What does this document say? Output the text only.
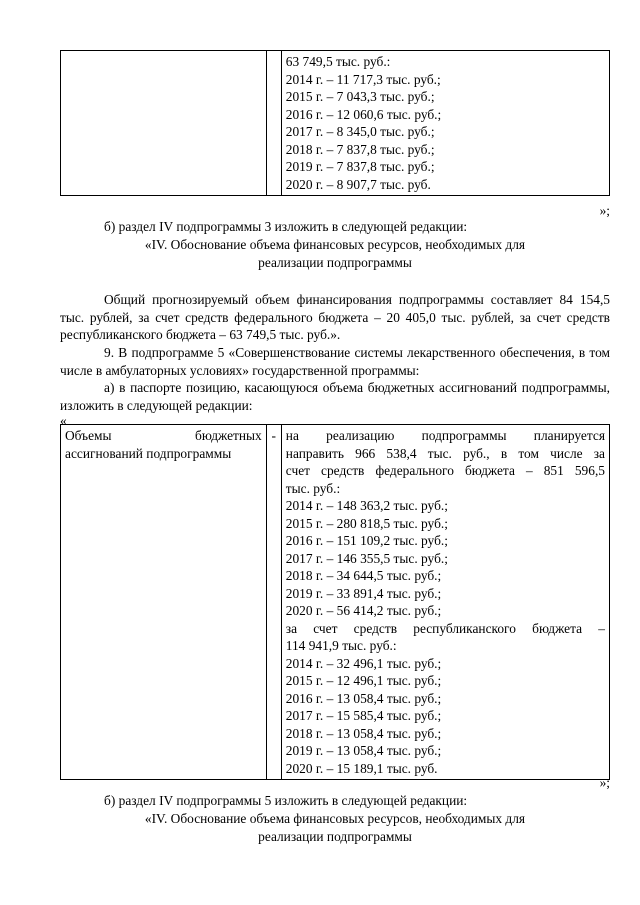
63 749,5 тыс. руб.:
2014 г. – 11 717,3 тыс. руб.;
2015 г. – 7 043,3 тыс. руб.;
2016 г. – 12 060,6 тыс. руб.;
2017 г. – 8 345,0 тыс. руб.;
2018 г. – 7 837,8 тыс. руб.;
2019 г. – 7 837,8 тыс. руб.;
2020 г. – 8 907,7 тыс. руб.

»;

б) раздел IV подпрограммы 3 изложить в следующей редакции:

«IV. Обоснование объема финансовых ресурсов, необходимых для

реализации подпрограммы

Общий прогнозируемый объем финансирования подпрограммы составляет 84 154,5 тыс. рублей, за счет средств федерального бюджета – 20 405,0 тыс. рублей, за счет средств республиканского бюджета – 63 749,5 тыс. руб.».

9. В подпрограмме 5 «Совершенствование системы лекарственного обеспечения, в том числе в амбулаторных условиях» государственной программы:

а) в паспорте позицию, касающуюся объема бюджетных ассигнований подпрограммы, изложить в следующей редакции:

«

Объемы бюджетных
ассигнований подпрограммы
	-	на реализацию подпрограммы планируется
направить 966 538,4 тыс. руб., в том числе за
счет средств федерального бюджета – 851 596,5
тыс. руб.:
2014 г. – 148 363,2 тыс. руб.;
2015 г. – 280 818,5 тыс. руб.;
2016 г. – 151 109,2 тыс. руб.;
2017 г. – 146 355,5 тыс. руб.;
2018 г. – 34 644,5 тыс. руб.;
2019 г. – 33 891,4 тыс. руб.;
2020 г. – 56 414,2 тыс. руб.;
за счет средств республиканского бюджета –
114 941,9 тыс. руб.:
2014 г. – 32 496,1 тыс. руб.;
2015 г. – 12 496,1 тыс. руб.;
2016 г. – 13 058,4 тыс. руб.;
2017 г. – 15 585,4 тыс. руб.;
2018 г. – 13 058,4 тыс. руб.;
2019 г. – 13 058,4 тыс. руб.;
2020 г. – 15 189,1 тыс. руб.

»;

б) раздел IV подпрограммы 5 изложить в следующей редакции:

«IV. Обоснование объема финансовых ресурсов, необходимых для

реализации подпрограммы
